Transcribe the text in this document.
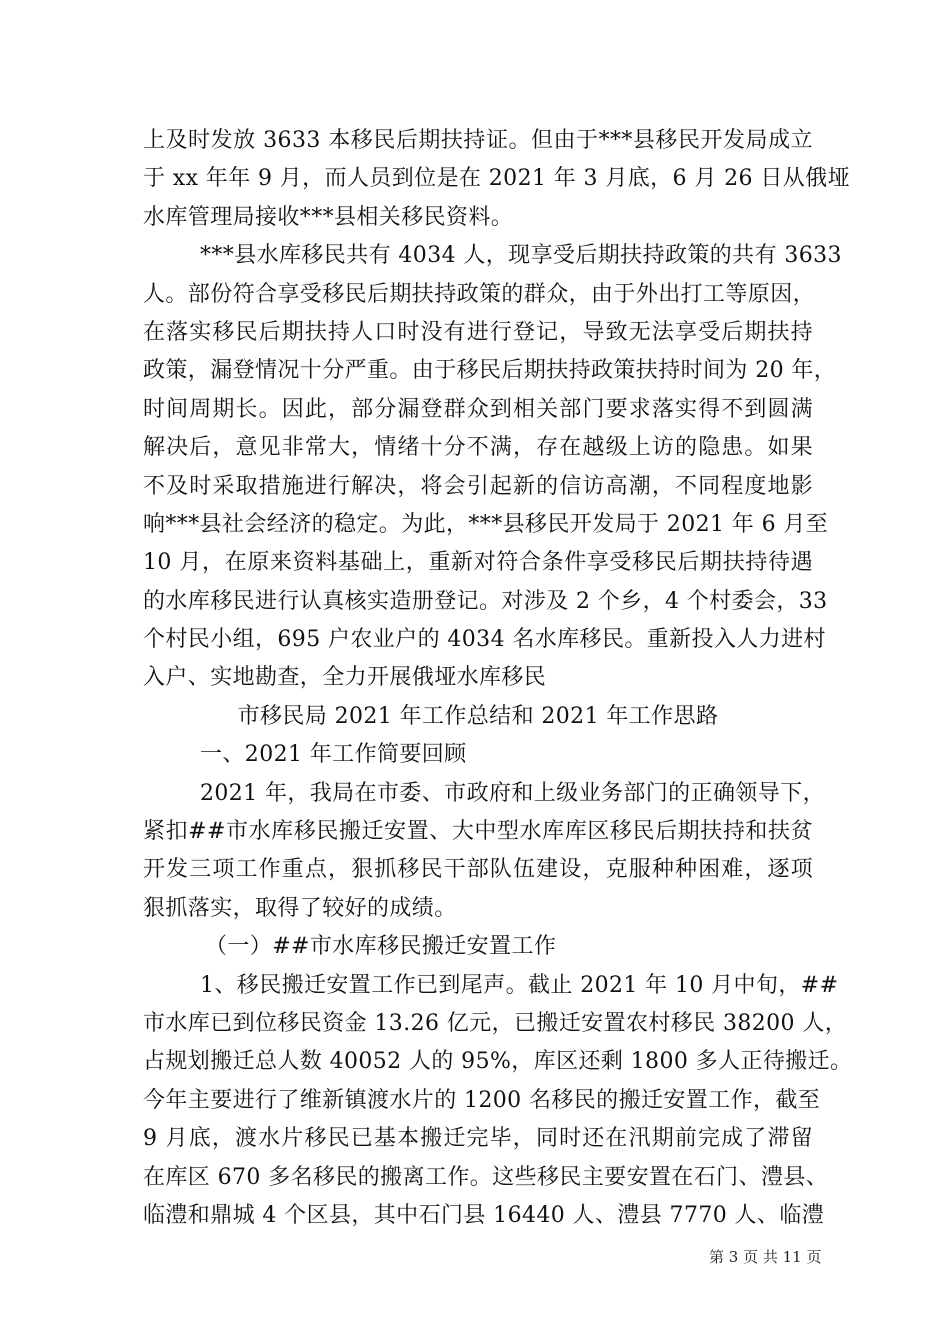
上及时发放 3633 本移民后期扶持证。但由于***县移民开发局成立
于 xx 年年 9 月，而人员到位是在 2021 年 3 月底，6 月 26 日从俄垭
水库管理局接收***县相关移民资料。
***县水库移民共有 4034 人，现享受后期扶持政策的共有 3633
人。部份符合享受移民后期扶持政策的群众，由于外出打工等原因，
在落实移民后期扶持人口时没有进行登记，导致无法享受后期扶持
政策，漏登情况十分严重。由于移民后期扶持政策扶持时间为 20 年，
时间周期长。因此，部分漏登群众到相关部门要求落实得不到圆满
解决后，意见非常大，情绪十分不满，存在越级上访的隐患。如果
不及时采取措施进行解决，将会引起新的信访高潮，不同程度地影
响***县社会经济的稳定。为此，***县移民开发局于 2021 年 6 月至
10 月，在原来资料基础上，重新对符合条件享受移民后期扶持待遇
的水库移民进行认真核实造册登记。对涉及 2 个乡，4 个村委会，33
个村民小组，695 户农业户的 4034 名水库移民。重新投入人力进村
入户、实地勘查，全力开展俄垭水库移民
市移民局 2021 年工作总结和 2021 年工作思路
一、2021 年工作简要回顾
2021 年，我局在市委、市政府和上级业务部门的正确领导下，
紧扣##市水库移民搬迁安置、大中型水库库区移民后期扶持和扶贫
开发三项工作重点，狠抓移民干部队伍建设，克服种种困难，逐项
狠抓落实，取得了较好的成绩。
（一）##市水库移民搬迁安置工作
1、移民搬迁安置工作已到尾声。截止 2021 年 10 月中旬，##
市水库已到位移民资金 13.26 亿元，已搬迁安置农村移民 38200 人，
占规划搬迁总人数 40052 人的 95%，库区还剩 1800 多人正待搬迁。
今年主要进行了维新镇渡水片的 1200 名移民的搬迁安置工作，截至
9 月底，渡水片移民已基本搬迁完毕，同时还在汛期前完成了滞留
在库区 670 多名移民的搬离工作。这些移民主要安置在石门、澧县、
临澧和鼎城 4 个区县，其中石门县 16440 人、澧县 7770 人、临澧
第 3 页 共 11 页
